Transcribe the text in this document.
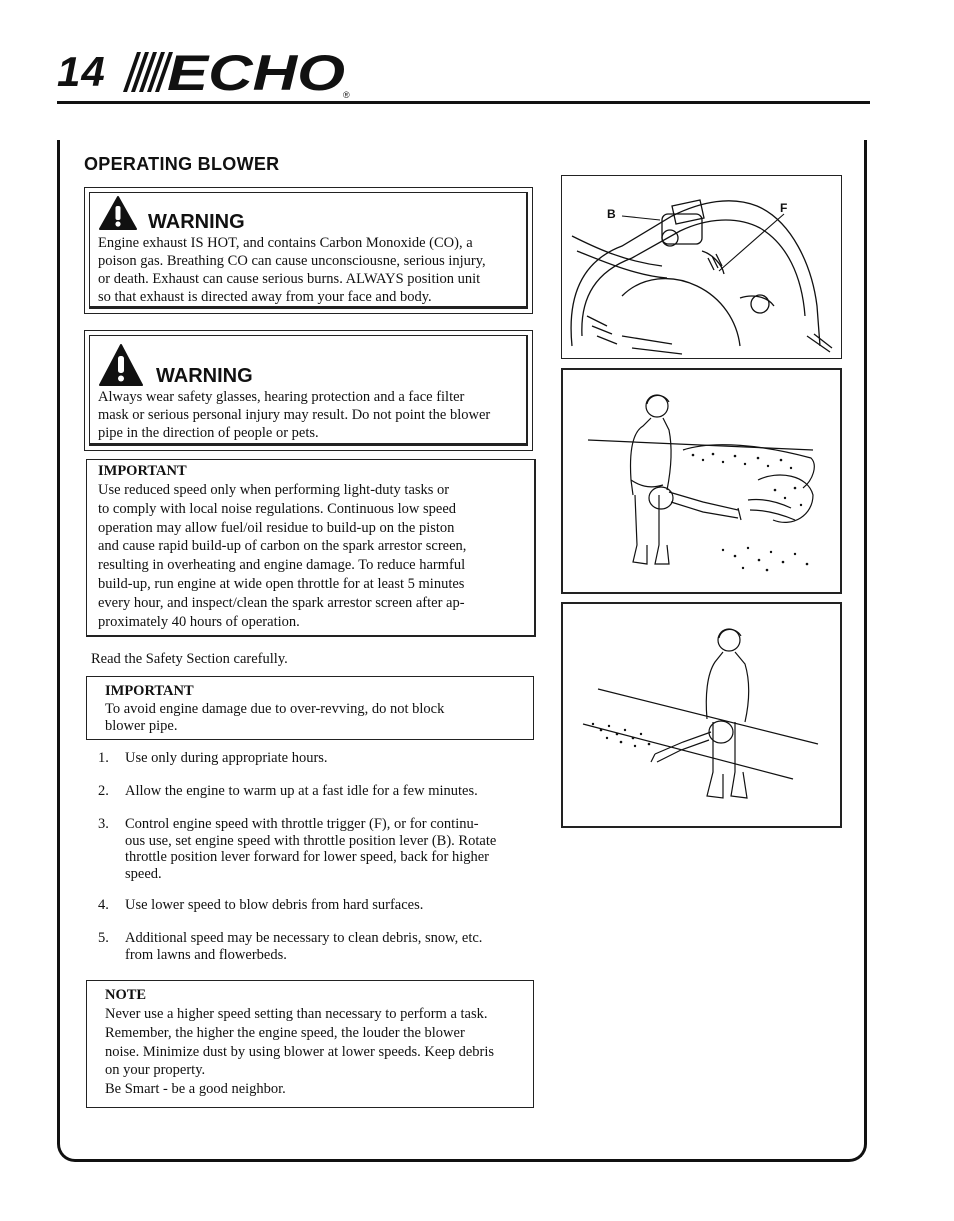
14 ECHO
®
OPERATING BLOWER
WARNING
Engine exhaust IS HOT, and contains Carbon Monoxide (CO), a
poison gas. Breathing CO can cause unconsciousne, serious injury,
or death. Exhaust can cause serious burns. ALWAYS position unit
so that exhaust is directed away from your face and body.
WARNING
Always wear safety glasses, hearing protection and a face filter
mask or serious personal injury may result. Do not point the blower
pipe in the direction of people or pets.
IMPORTANT
Use reduced speed only when performing light-duty tasks or
to comply with local noise regulations. Continuous low speed
operation may allow fuel/oil residue to build-up on the piston
and cause rapid build-up of carbon on the spark arrestor screen,
resulting in overheating and engine damage. To reduce harmful
build-up, run engine at wide open throttle for at least 5 minutes
every hour, and inspect/clean the spark arrestor screen after ap-
proximately 40 hours of operation.
Read the Safety Section carefully.
IMPORTANT
To avoid engine damage due to over-revving, do not block
blower pipe.
1. Use only during appropriate hours.
2. Allow the engine to warm up at a fast idle for a few minutes.
3. Control engine speed with throttle trigger (F), or for continu-
ous use, set engine speed with throttle position lever (B). Rotate
throttle position lever forward for lower speed, back for higher
speed.
4. Use lower speed to blow debris from hard surfaces.
5. Additional speed may be necessary to clean debris, snow, etc.
from lawns and flowerbeds.
NOTE
Never use a higher speed setting than necessary to perform a task.
Remember, the higher the engine speed, the louder the blower
noise. Minimize dust by using blower at lower speeds. Keep debris
on your property.
Be Smart - be a good neighbor.
B	F
